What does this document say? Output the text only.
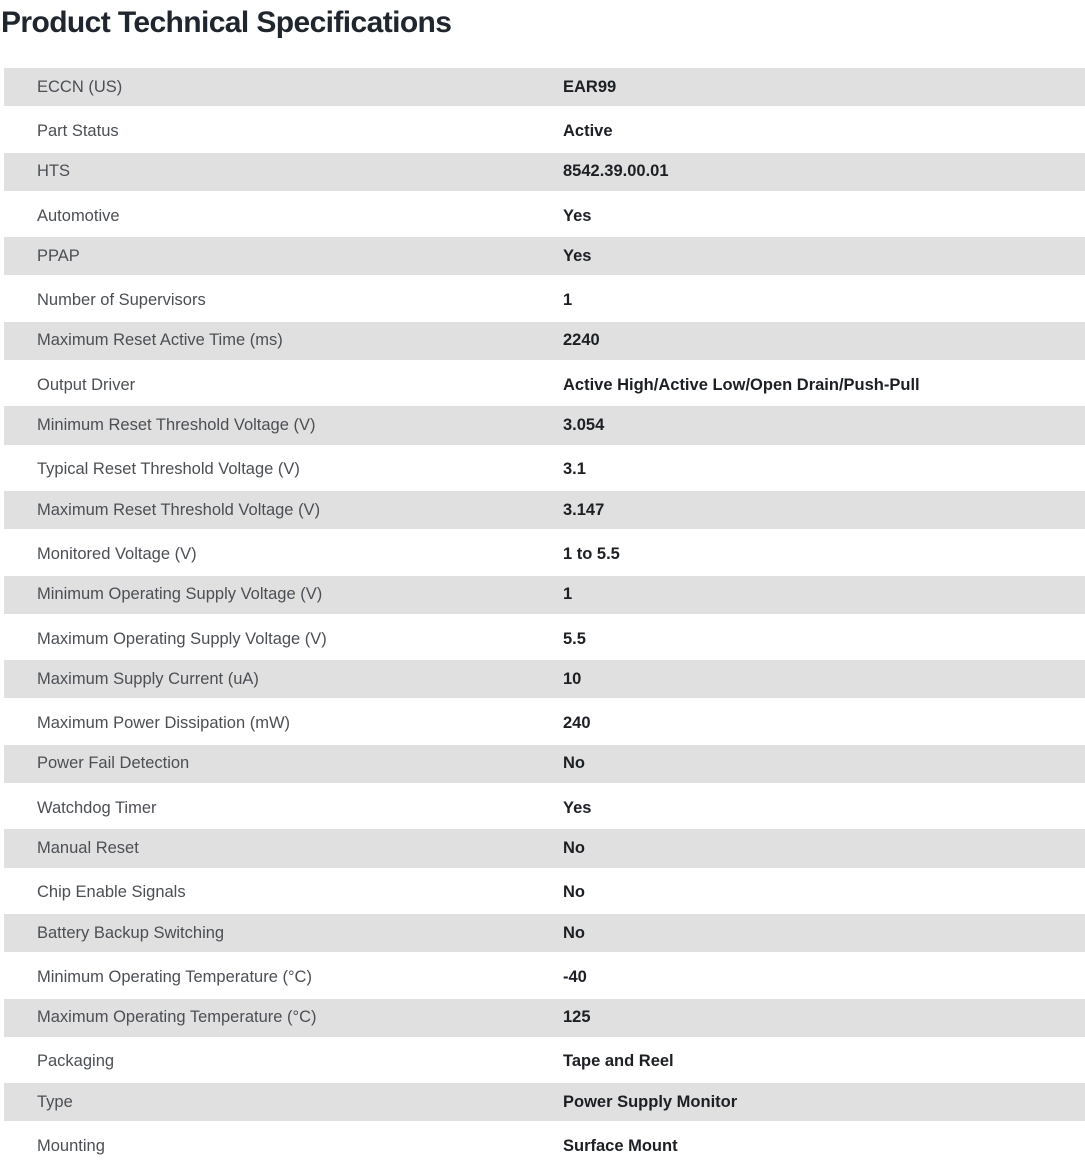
Product Technical Specifications
ECCN (US)	EAR99
Part Status	Active
HTS	8542.39.00.01
Automotive	Yes
PPAP	Yes
Number of Supervisors	1
Maximum Reset Active Time (ms)	2240
Output Driver	Active High/Active Low/Open Drain/Push-Pull
Minimum Reset Threshold Voltage (V)	3.054
Typical Reset Threshold Voltage (V)	3.1
Maximum Reset Threshold Voltage (V)	3.147
Monitored Voltage (V)	1 to 5.5
Minimum Operating Supply Voltage (V)	1
Maximum Operating Supply Voltage (V)	5.5
Maximum Supply Current (uA)	10
Maximum Power Dissipation (mW)	240
Power Fail Detection	No
Watchdog Timer	Yes
Manual Reset	No
Chip Enable Signals	No
Battery Backup Switching	No
Minimum Operating Temperature (°C)	-40
Maximum Operating Temperature (°C)	125
Packaging	Tape and Reel
Type	Power Supply Monitor
Mounting	Surface Mount
